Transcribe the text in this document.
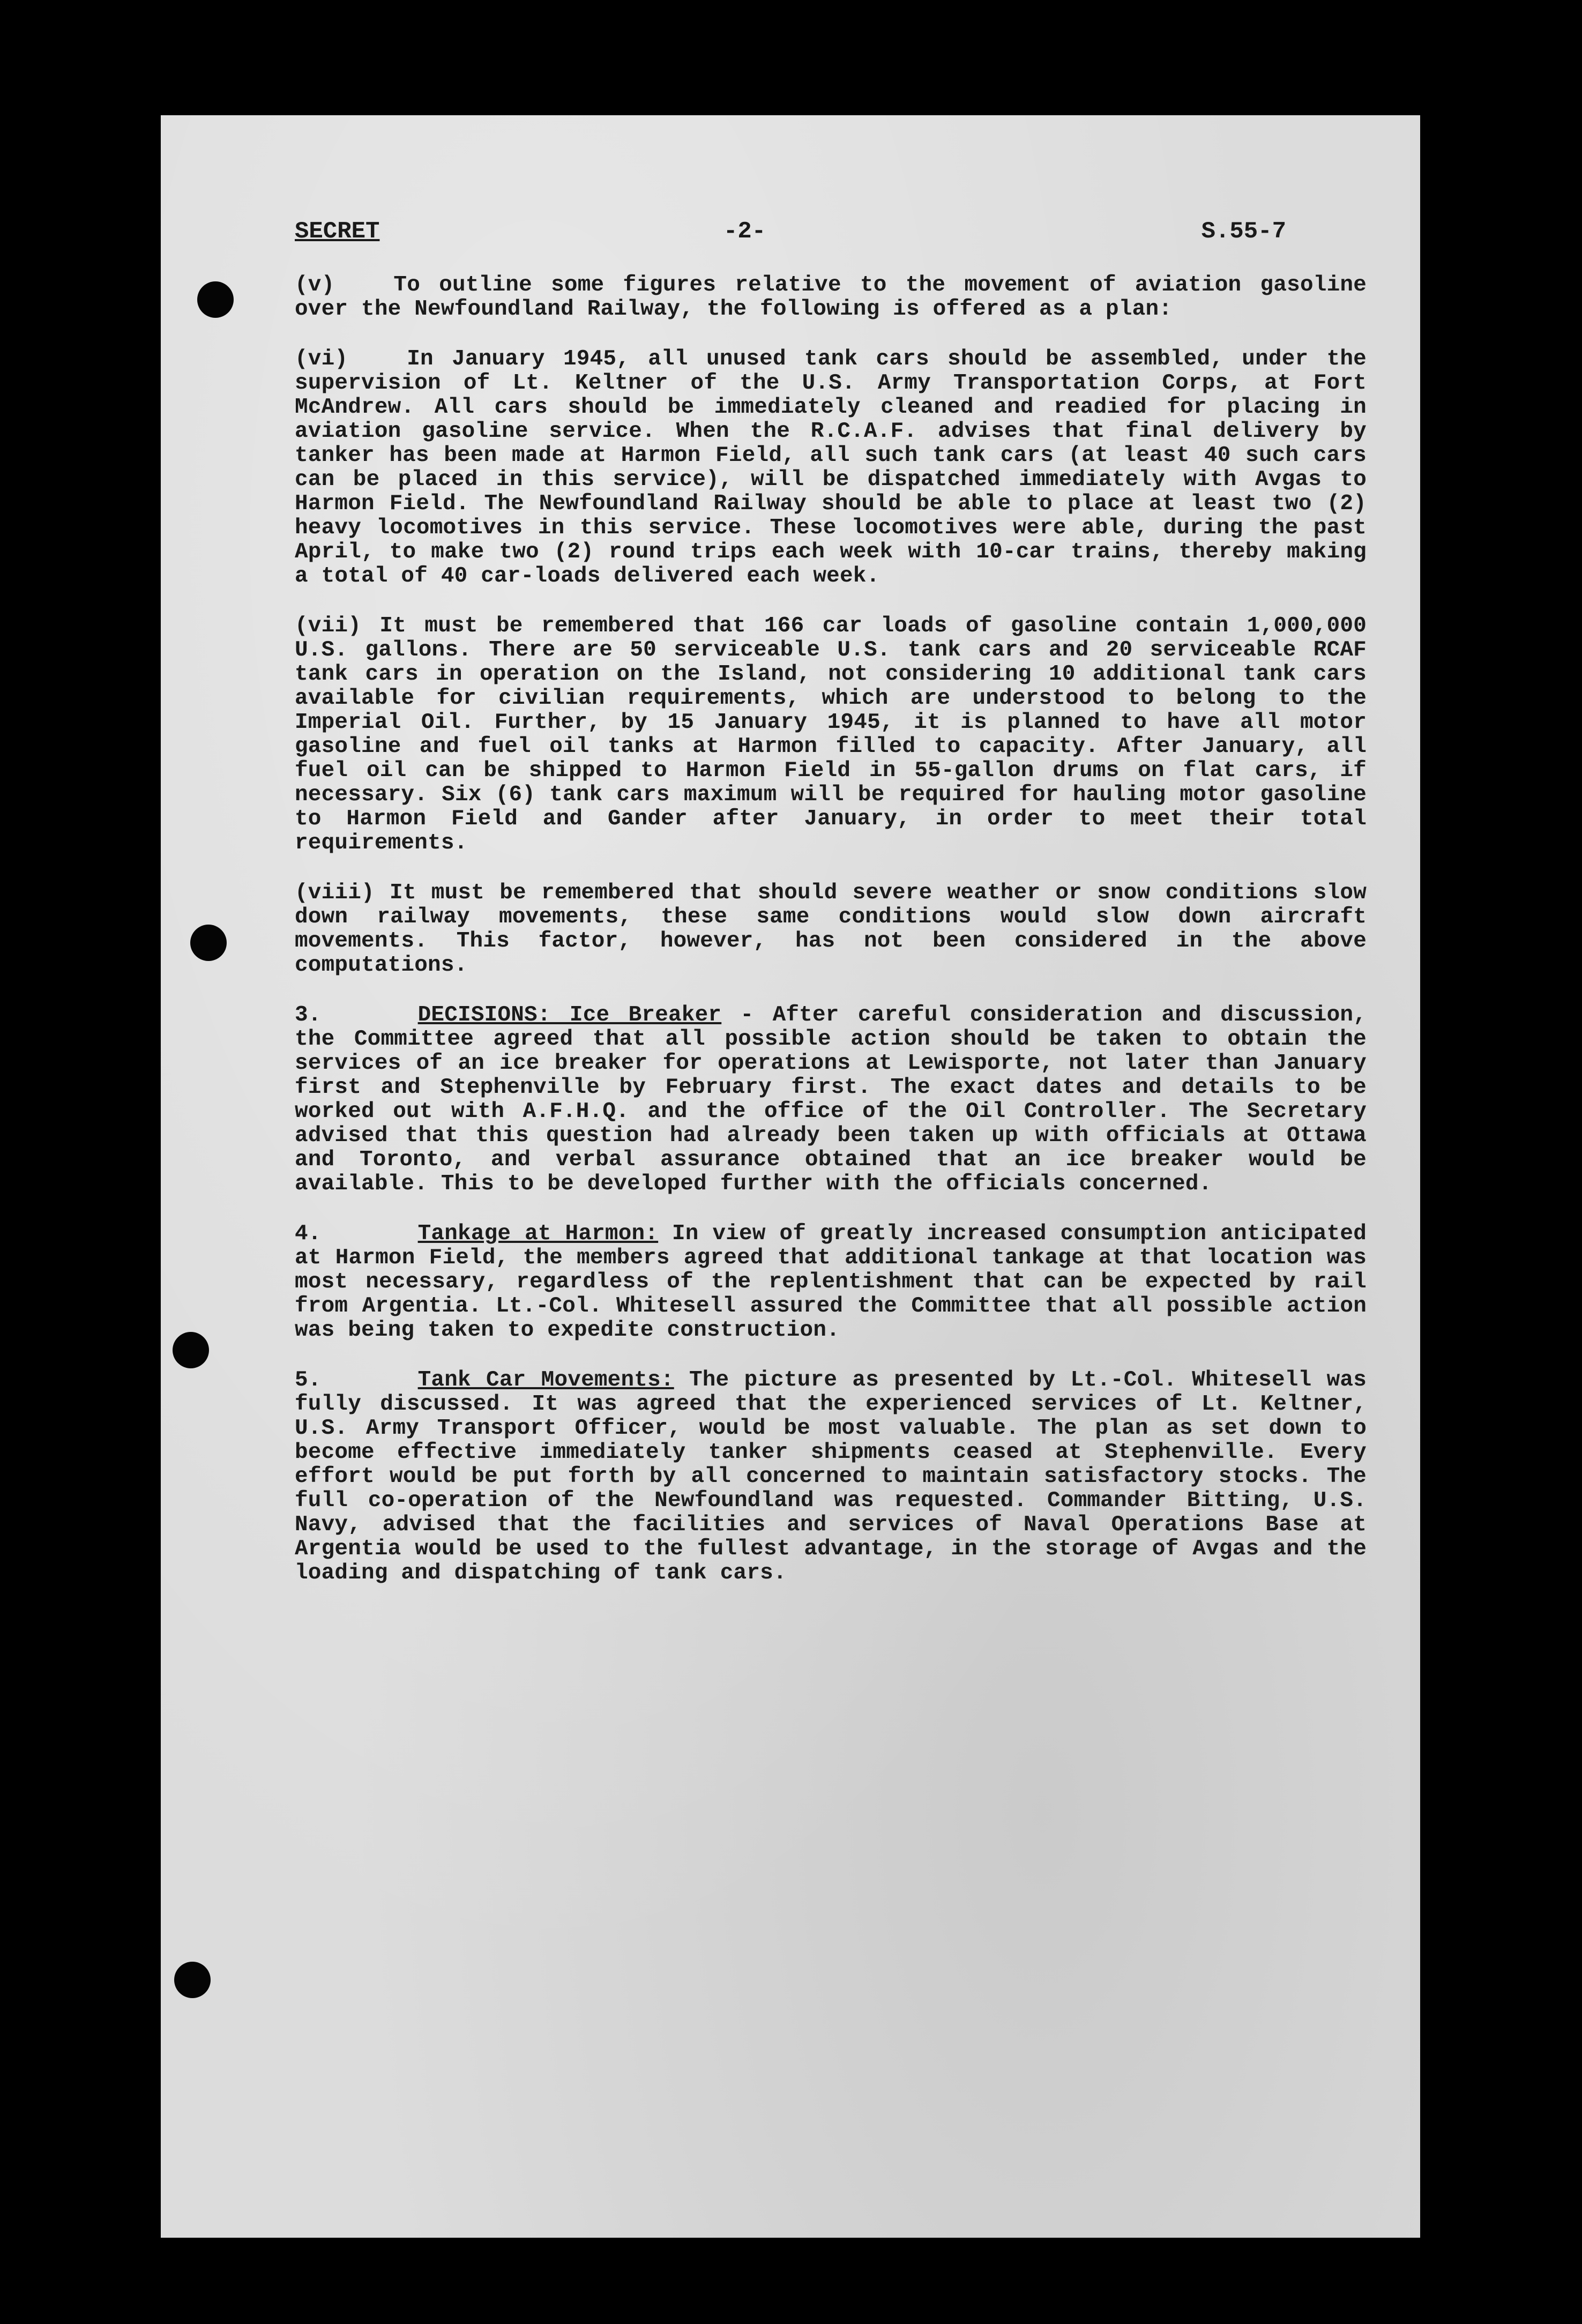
SECRET	-2-	S.55-7

(v)	To outline some figures relative to the movement of aviation gasoline over the Newfoundland Railway, the following is offered as a plan:

(vi)	In January 1945, all unused tank cars should be assembled, under the supervision of Lt. Keltner of the U.S. Army Transportation Corps, at Fort McAndrew. All cars should be immediately cleaned and readied for placing in aviation gasoline service. When the R.C.A.F. advises that final delivery by tanker has been made at Harmon Field, all such tank cars (at least 40 such cars can be placed in this service), will be dispatched immediately with Avgas to Harmon Field. The Newfoundland Railway should be able to place at least two (2) heavy locomotives in this service. These locomotives were able, during the past April, to make two (2) round trips each week with 10-car trains, thereby making a total of 40 car-loads delivered each week.

(vii) It must be remembered that 166 car loads of gasoline contain 1,000,000 U.S. gallons. There are 50 serviceable U.S. tank cars and 20 serviceable RCAF tank cars in operation on the Island, not considering 10 additional tank cars available for civilian requirements, which are understood to belong to the Imperial Oil. Further, by 15 January 1945, it is planned to have all motor gasoline and fuel oil tanks at Harmon filled to capacity. After January, all fuel oil can be shipped to Harmon Field in 55-gallon drums on flat cars, if necessary. Six (6) tank cars maximum will be required for hauling motor gasoline to Harmon Field and Gander after January, in order to meet their total requirements.

(viii) It must be remembered that should severe weather or snow conditions slow down railway movements, these same conditions would slow down aircraft movements. This factor, however, has not been considered in the above computations.

3.	DECISIONS: Ice Breaker - After careful consideration and discussion, the Committee agreed that all possible action should be taken to obtain the services of an ice breaker for operations at Lewisporte, not later than January first and Stephenville by February first. The exact dates and details to be worked out with A.F.H.Q. and the office of the Oil Controller. The Secretary advised that this question had already been taken up with officials at Ottawa and Toronto, and verbal assurance obtained that an ice breaker would be available. This to be developed further with the officials concerned.

4.	Tankage at Harmon: In view of greatly increased consumption anticipated at Harmon Field, the members agreed that additional tankage at that location was most necessary, regardless of the replentishment that can be expected by rail from Argentia. Lt.-Col. Whitesell assured the Committee that all possible action was being taken to expedite construction.

5.	Tank Car Movements: The picture as presented by Lt.-Col. Whitesell was fully discussed. It was agreed that the experienced services of Lt. Keltner, U.S. Army Transport Officer, would be most valuable. The plan as set down to become effective immediately tanker shipments ceased at Stephenville. Every effort would be put forth by all concerned to maintain satisfactory stocks. The full co-operation of the Newfoundland was requested. Commander Bitting, U.S. Navy, advised that the facilities and services of Naval Operations Base at Argentia would be used to the fullest advantage, in the storage of Avgas and the loading and dispatching of tank cars.
